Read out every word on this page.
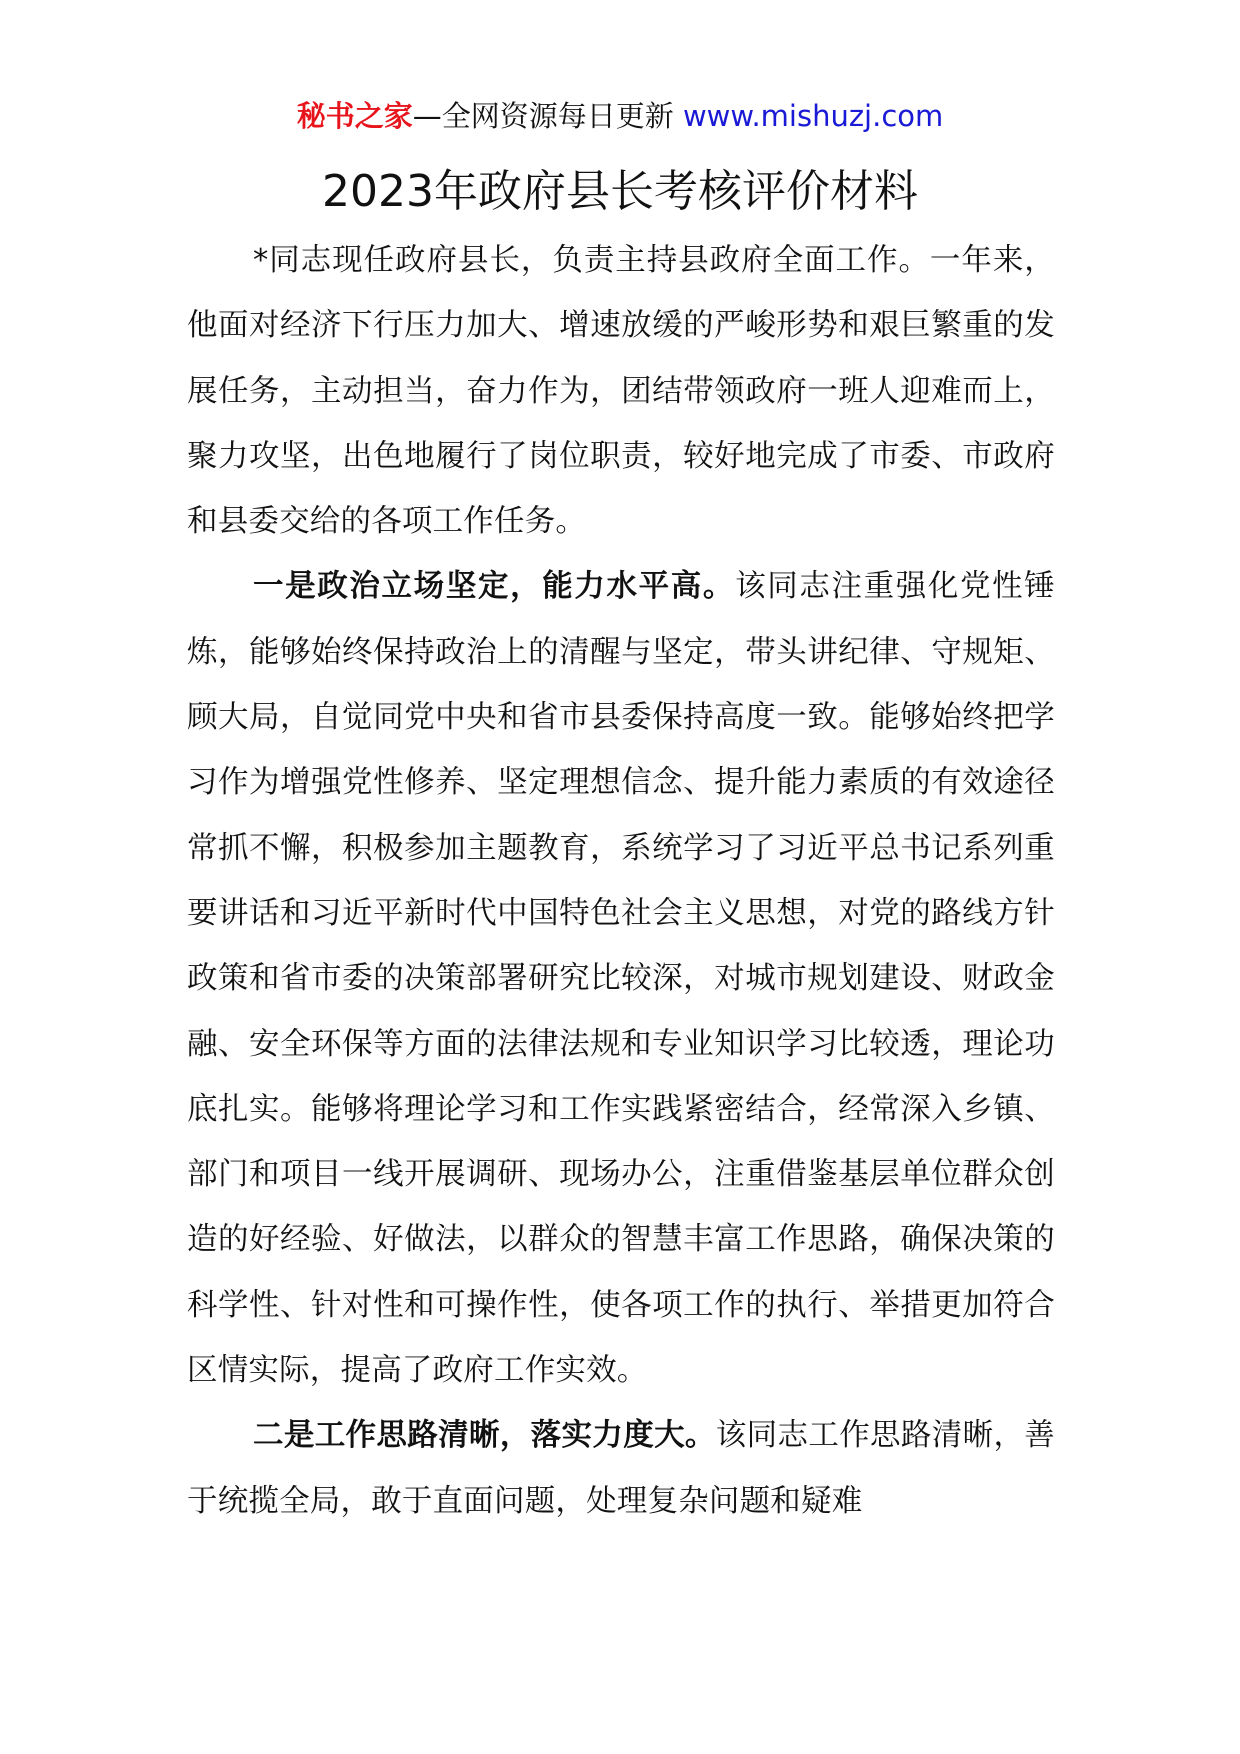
秘书之家—全网资源每日更新 www.mishuzj.com
2023年政府县长考核评价材料

*同志现任政府县长，负责主持县政府全面工作。一年来，他面对经济下行压力加大、增速放缓的严峻形势和艰巨繁重的发展任务，主动担当，奋力作为，团结带领政府一班人迎难而上，聚力攻坚，出色地履行了岗位职责，较好地完成了市委、市政府和县委交给的各项工作任务。

一是政治立场坚定，能力水平高。该同志注重强化党性锤炼，能够始终保持政治上的清醒与坚定，带头讲纪律、守规矩、顾大局，自觉同党中央和省市县委保持高度一致。能够始终把学习作为增强党性修养、坚定理想信念、提升能力素质的有效途径常抓不懈，积极参加主题教育，系统学习了习近平总书记系列重要讲话和习近平新时代中国特色社会主义思想，对党的路线方针政策和省市委的决策部署研究比较深，对城市规划建设、财政金融、安全环保等方面的法律法规和专业知识学习比较透，理论功底扎实。能够将理论学习和工作实践紧密结合，经常深入乡镇、部门和项目一线开展调研、现场办公，注重借鉴基层单位群众创造的好经验、好做法，以群众的智慧丰富工作思路，确保决策的科学性、针对性和可操作性，使各项工作的执行、举措更加符合区情实际，提高了政府工作实效。

二是工作思路清晰，落实力度大。该同志工作思路清晰，善于统揽全局，敢于直面问题，处理复杂问题和疑难
